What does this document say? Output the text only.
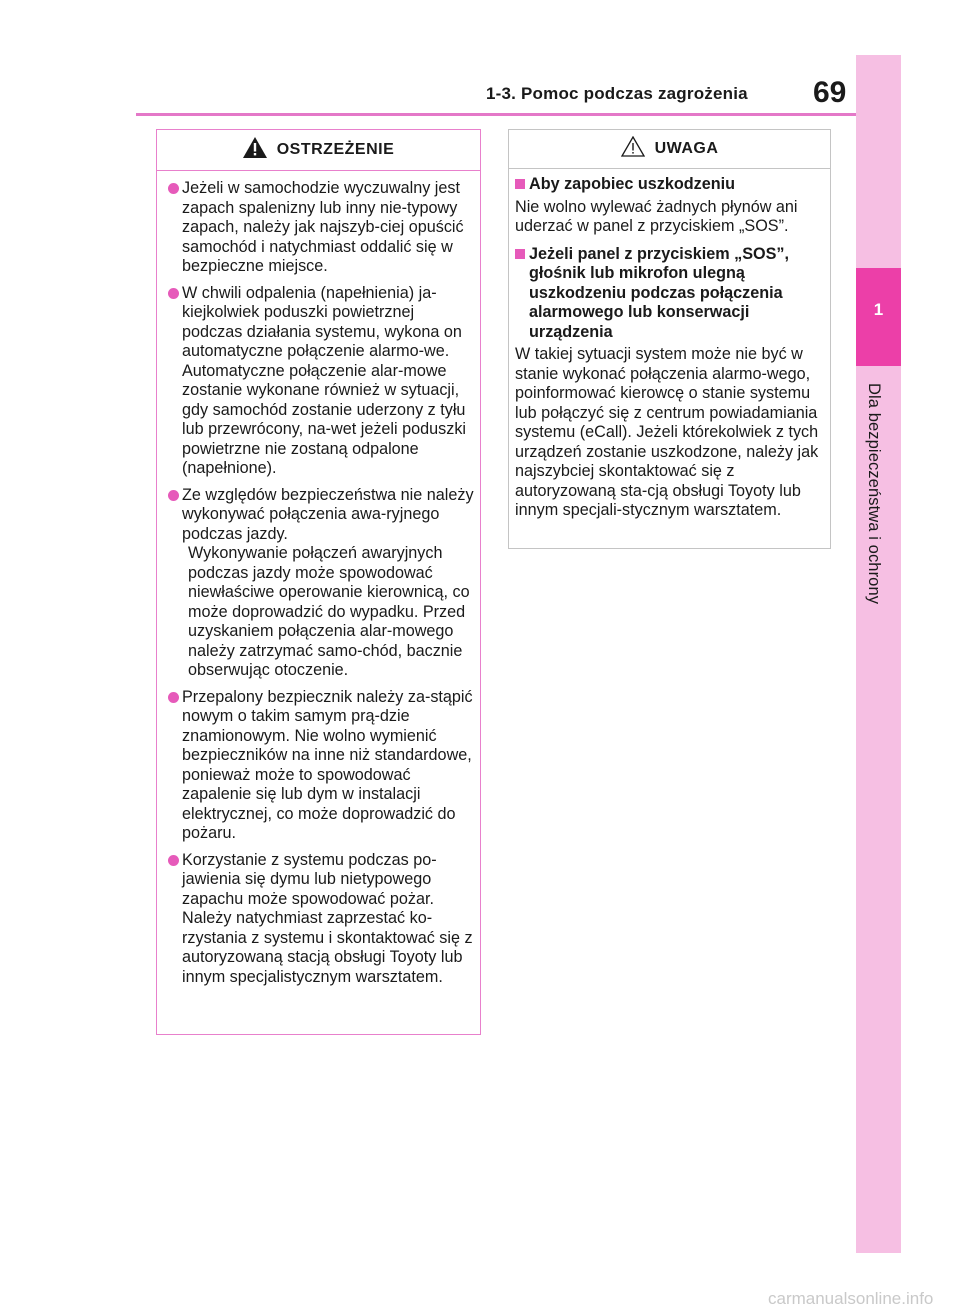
1-3. Pomoc podczas zagrożenia 69
1
Dla bezpieczeństwa i ochrony
OSTRZEŻENIE
Jeżeli w samochodzie wyczuwalny jest zapach spalenizny lub inny nie-typowy zapach, należy jak najszyb-ciej opuścić samochód i natychmiast oddalić się w bezpieczne miejsce.
W chwili odpalenia (napełnienia) ja-kiejkolwiek poduszki powietrznej podczas działania systemu, wykona on automatyczne połączenie alarmo-we. Automatyczne połączenie alar-mowe zostanie wykonane również w sytuacji, gdy samochód zostanie uderzony z tyłu lub przewrócony, na-wet jeżeli poduszki powietrzne nie zostaną odpalone (napełnione).
Ze względów bezpieczeństwa nie należy wykonywać połączenia awa-ryjnego podczas jazdy.
Wykonywanie połączeń awaryjnych podczas jazdy może spowodować niewłaściwe operowanie kierownicą, co może doprowadzić do wypadku. Przed uzyskaniem połączenia alar-mowego należy zatrzymać samo-chód, bacznie obserwując otoczenie.
Przepalony bezpiecznik należy za-stąpić nowym o takim samym prą-dzie znamionowym. Nie wolno wymienić bezpieczników na inne niż standardowe, ponieważ może to spowodować zapalenie się lub dym w instalacji elektrycznej, co może doprowadzić do pożaru.
Korzystanie z systemu podczas po-jawienia się dymu lub nietypowego zapachu może spowodować pożar. Należy natychmiast zaprzestać ko-rzystania z systemu i skontaktować się z autoryzowaną stacją obsługi Toyoty lub innym specjalistycznym warsztatem.
UWAGA
Aby zapobiec uszkodzeniu
Nie wolno wylewać żadnych płynów ani uderzać w panel z przyciskiem „SOS”.
Jeżeli panel z przyciskiem „SOS”, głośnik lub mikrofon ulegną uszkodzeniu podczas połączenia alarmowego lub konserwacji urządzenia
W takiej sytuacji system może nie być w stanie wykonać połączenia alarmo-wego, poinformować kierowcę o stanie systemu lub połączyć się z centrum powiadamiania systemu (eCall). Jeżeli którekolwiek z tych urządzeń zostanie uszkodzone, należy jak najszybciej skontaktować się z autoryzowaną sta-cją obsługi Toyoty lub innym specjali-stycznym warsztatem.
carmanualsonline.info
